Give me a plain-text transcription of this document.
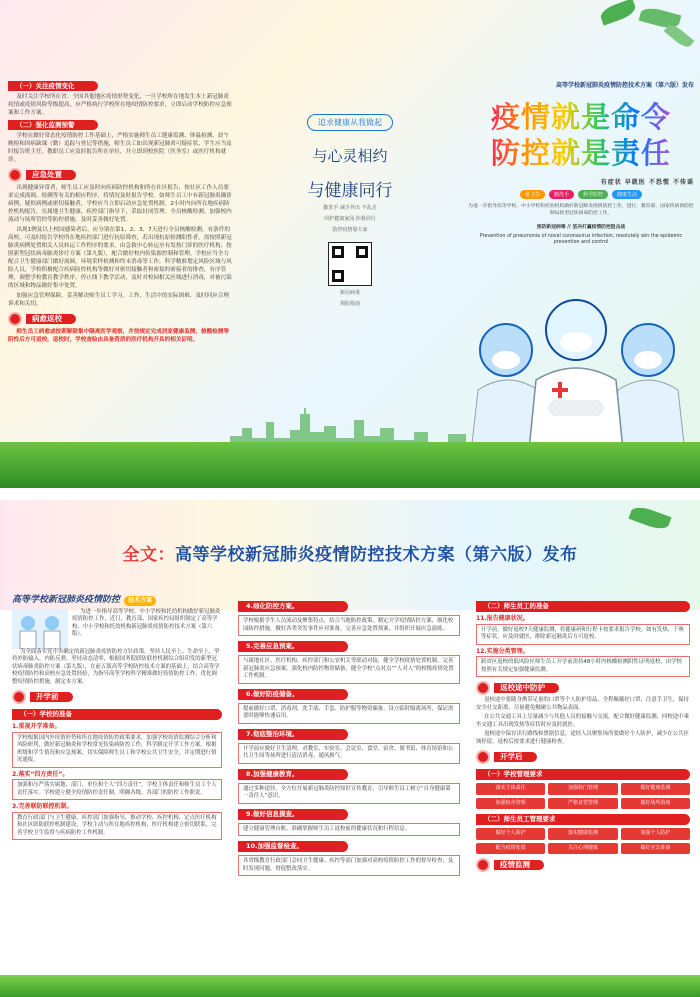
（一）关注疫情变化
及时关注学校所在省、全国其他地区疫情形势变化，一旦学校所在地发生本土新冠肺炎疫情或疫情风险等级提高，应严格执行学校所在地疫情防控要求，立即启动学校防控应急预案和工作方案。
（二）强化监测预警
学校在做好常态化疫情防控工作基础上，严格实施师生员工健康监测、体温检测、晨午晚检和因病缺课（勤）追踪与登记等措施，师生员工如出现新冠肺炎可疑症状，学生应当及时报告班主任，教职员工应及时报告所在单位，并立即到校医院（医务室）或医疗机构就诊。
应急处置
出现健康异常者，师生员工应及时向疾病防控机构和所在社区报告，按社区工作人员要求完成流调、检测等有关的相应程序，将情况及时报告学校。如师生员工中有新冠肺炎确诊病例、疑似病例或密切接触者，学校应当立即启动应急处置机制，2小时内向所在地疾病防控机构报告，在属地卫生健康、疾控部门指导下，采取封闭管理、全员核酸检测、加强校内流动与场所管控等防控措施，及时妥善做好处置。
出现1例及以上校园感染者后，应分别在第1、2、3、7天进行全员核酸检测，有条件的高校，可及时报告学校所在地疾控部门进行抗原筛查，若出现抗原检测阳性者，需按照新冠肺炎病例处置相关人员转运工作程序的要求，由急救中心转运至有发热门诊的医疗机构，按照新型冠状病毒肺炎诊疗方案（第九版），配合做好校内传染源控制和管理。学校应当全力配合卫生健康部门做好流调、环境采样检测和终末消毒等工作，科学精准划定风险区域与风险人员，学校积极配合疾病防控机构等做好对密切接触者和密接的密接者的排查，有序管理，调整学校教育教学秩序，停止线下教学活动，及时对校园相关区域进行消毒，对被污染的区域和物品做好集中处置。
加强应急管理保障，妥善解决师生员工学习、工作、生活中的实际困难，及时回应合理诉求和关切。
病愈返校
师生员工病愈或按期解除集中隔离医学观察，并按规定完成居家健康监测、核酸检测等阴性后方可返校，返校时，学校查验由具备资质的医疗机构开具的相关证明。
追求健康从我做起
与心灵相约
与健康同行
勤洗手 减少外出 不乱走
同护健康家园 你我同行
防控疫情靠大家
新冠病毒
预防指南
高等学校新冠肺炎疫情防控技术方案（第六版）发布
疫情就是命令
防控就是责任
有症状 早就医 不恐慌 不传谣
讲卫生	勤洗手	科学防控	健康生活
为进一步指导高等学校、中小学校和托幼机构做好新冠肺炎疫情防控工作，进行、教育部、国家疾病预防控制局新型冠状病毒防控工作。
预防新冠病毒 // 坚决打赢疫情防控阻击战
Prevention of pneumonia of novel coronavirus infection, resolutely win the epidemic prevention and control
全文：高等学校新冠肺炎疫情防控技术方案（第六版）发布
高等学校新冠肺炎疫情防控	技术方案
为进一步指导高等学校、中小学校和托幼机构做好新冠肺炎疫情防控工作，近日，教育部、国家疾控局组织制定了高等学校、中小学校和托幼机构新冠肺炎疫情防控技术方案（第六版）。
为全面落实党中央确定的新冠肺炎疫情防控方针政策，坚持人民至上、生命至上，坚持外防输入、内防反弹，坚持动态清零，根据国务院联防联控机制综合组印发的新型冠状病毒肺炎防控方案（第九版），在前五版高等学校防控技术方案的基础上，结合高等学校疫情防控和高校应急处置经验，为指导高等学校科学精准做好疫情防控工作，优化调整疫情防控措施，制定本方案。
开学前
（一）学校的准备
1.重视开学准备。
学校根据国内外疫情形势和所在地疫情防控政策要求，加强学校疫情监测综合分析和风险研判，做好新冠肺炎和学校常见传染病防控工作，科学制定开学工作方案，根据班级和学生情况和应急预案，切实保障师生员工和学校公共卫生安全，并定期进行情况通报。
2.落实“四方责任”。
加强和压严落实属地、部门、单位和个人“四方责任”，学校主体责任和师生员工个人责任落实。学校建立健全疫情防控责任制，明确各级、各部门的防控工作职责。
3.完善联防联控机制。
教育行政部门与卫生健康、疾控部门加强指导，推动学校、疾控机构、定点医疗机构和社区联防联控机制建设，学校主动与所在地疾控机构、医疗机构建立密切联系，完善学校卫生监督与疾病防控工作机制。
4.细化防控方案。
学校根据学生人员流动及聚集特点，结合当地防控政策，制定开学疫情防控方案，细化校园防控措施，做好各类突发事件应对准备，完善应急处置预案，并组织开展应急演练。
5.完善应急预案。
与属地社区、医疗机构、疾控部门和公安机关等联动对接，健全学校疫情处置机制，完善新冠肺炎应急预案，强化校内防控物资储备，健全学校“点对点”“人对人”的校级疫情处置工作机制。
6.做好防疫储备。
提前做好口罩、消毒剂、洗手液、手套、防护服等物资储备，设立临时隔离场所，保证需要时能够快速启用。
7.彻底整治环境。
开学前应做好卫生清理，对教室、实验室、会议室、食堂、宿舍、图书馆、体育场馆和公共卫生间等场所进行清洁消毒，通风换气。
8.加强健康教育。
通过多种途径，全方位开展新冠肺炎防控知识宣传教育，引导师生员工树立“自身健康第一责任人”意识。
9.做好信息摸查。
建立健康管理台账，准确掌握师生员工返校前的健康状况和行程信息。
10.加强监督检查。
各省级教育行政部门会同卫生健康、疾控等部门加强对高校疫情防控工作的督导检查，及时发现问题，督促整改落实。
（二）师生员工的准备
11.报告健康状况。
开学前，做好返校7天健康监测，将健康码和行程卡按要求报告学校，如有发热、干咳等症状，应及时就医，排除新冠肺炎后方可返校。
12.实施分类管理。
跨省区返校的低风险区师生员工开学前需持48小时内核酸检测阴性证明返校，由学校按照有关规定加强健康监测。
返校途中防护
返校途中要随身携带足量的口罩等个人防护用品，全程佩戴好口罩，注意手卫生，保持安全社交距离，尽量避免触碰公共物品表面。
在公共交通工具上尽量减少与其他人员的接触与交流，配合做好健康监测，回校途中乘坐交通工具出现发热等症状时应及时就医。
返校途中保存出行路线和票据信息，途经人员聚集场所要做好个人防护，减少在公共区域停留，返校后按要求进行健康检查。
开学后
（一）学校管理要求
落实主体责任	加强校门管理	做好健康监测
加强宿舍管理	严格食堂管理	做好场所消毒
（二）师生员工管理要求
做好个人防护	落实健康监测	加强个人防护
配合疫情处置	关注心理健康	做好应急准备
疫情监测
